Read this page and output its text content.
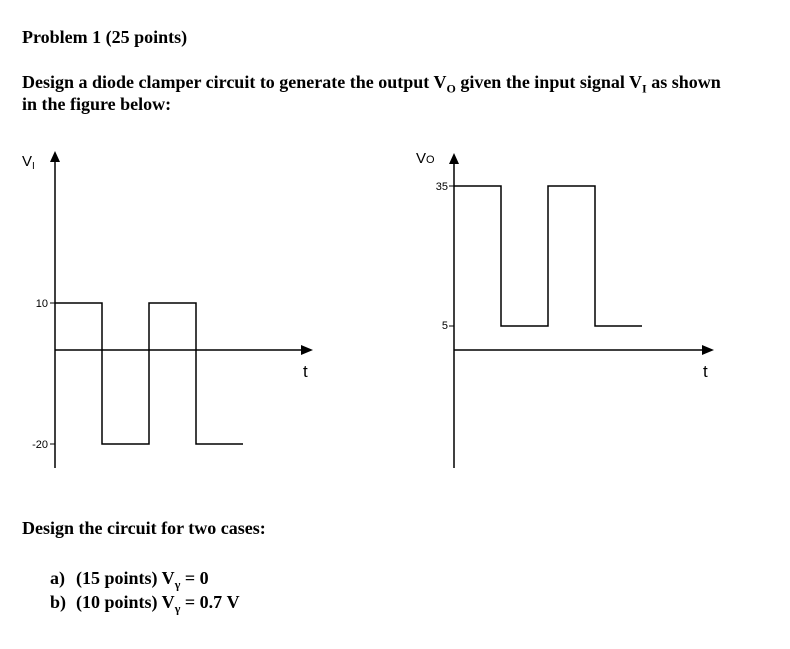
Problem 1 (25 points)
Design a diode clamper circuit to generate the output $V_O$ given the input signal $V_I$ as shown
in the figure below:
$V_I$
t
10
-20
VO
t
35
5
Design the circuit for two cases:
a) (15 points) $V_\gamma = 0$
b) (10 points) $V_\gamma = 0.7$ V
